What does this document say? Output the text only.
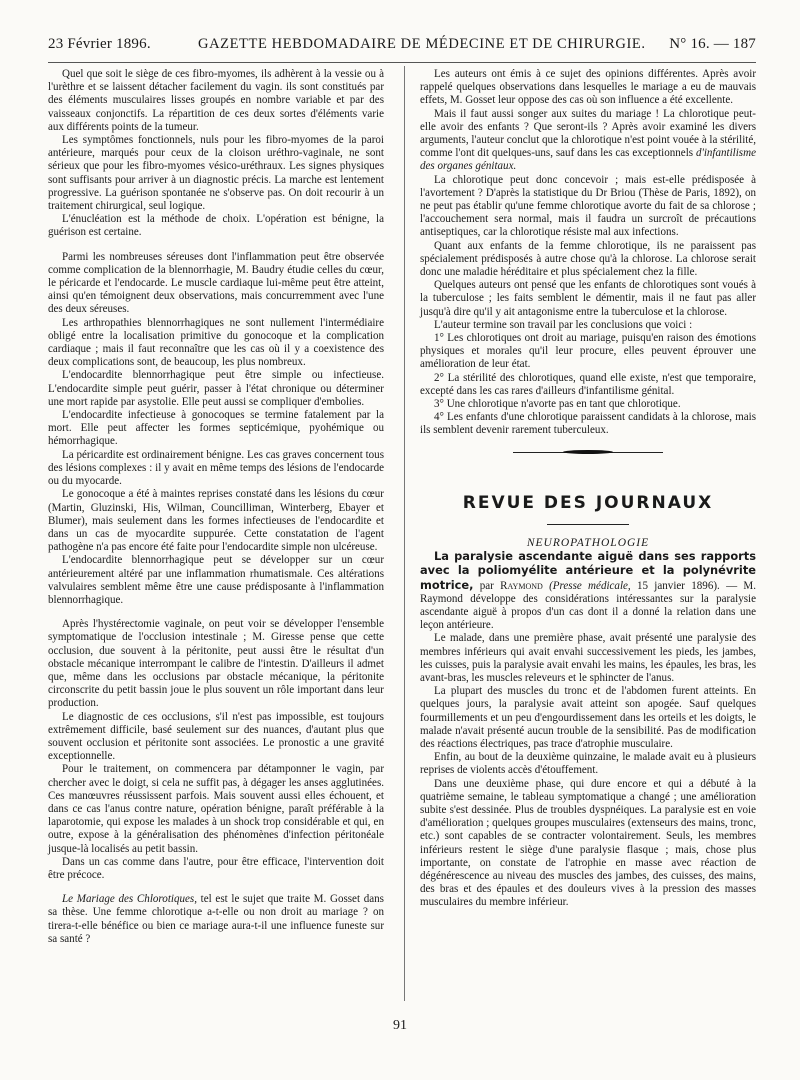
23 Février 1896.	GAZETTE HEBDOMADAIRE DE MÉDECINE ET DE CHIRURGIE. N° 16. — 187

Quel que soit le siège de ces fibro-myomes, ils adhèrent à la vessie ou à l'urèthre et se laissent détacher facilement du vagin. ils sont constitués par des éléments musculaires lisses groupés en nombre variable et par des vaisseaux conjonctifs. La répartition de ces deux sortes d'éléments varie aux différents points de la tumeur.

Les symptômes fonctionnels, nuls pour les fibro-myomes de la paroi antérieure, marqués pour ceux de la cloison uréthro-vaginale, ne sont sérieux que pour les fibro-myomes vésico-uréthraux. Les signes physiques sont suffisants pour arriver à un diagnostic précis. La marche est lentement progressive. La guérison spontanée ne s'observe pas. On doit recourir à un traitement chirurgical, seul logique.

L'énucléation est la méthode de choix. L'opération est bénigne, la guérison est certaine.

Parmi les nombreuses séreuses dont l'inflammation peut être observée comme complication de la blennorrhagie, M. Baudry étudie celles du cœur, le péricarde et l'endocarde. Le muscle cardiaque lui-même peut être atteint, ainsi qu'en témoignent deux observations, mais concurremment avec l'une des deux séreuses.

Les arthropathies blennorrhagiques ne sont nullement l'intermédiaire obligé entre la localisation primitive du gonocoque et la complication cardiaque ; mais il faut reconnaître que les cas où il y a coexistence des deux complications sont, de beaucoup, les plus nombreux.

L'endocardite blennorrhagique peut être simple ou infectieuse. L'endocardite simple peut guérir, passer à l'état chronique ou déterminer une mort rapide par asystolie. Elle peut aussi se compliquer d'embolies.

L'endocardite infectieuse à gonocoques se termine fatalement par la mort. Elle peut affecter les formes septicémique, pyohémique ou hémorrhagique.

La péricardite est ordinairement bénigne. Les cas graves concernent tous des lésions complexes : il y avait en même temps des lésions de l'endocarde ou du myocarde.

Le gonocoque a été à maintes reprises constaté dans les lésions du cœur (Martin, Gluzinski, His, Wilman, Councilliman, Winterberg, Ebayer et Blumer), mais seulement dans les formes infectieuses de l'endocardite et dans un cas de myocardite suppurée. Cette constatation de l'agent pathogène n'a pas encore été faite pour l'endocardite simple non ulcéreuse.

L'endocardite blennorrhagique peut se développer sur un cœur antérieurement altéré par une inflammation rhumatismale. Ces altérations valvulaires semblent même être une cause prédisposante à l'inflammation blennorrhagique.

Après l'hystérectomie vaginale, on peut voir se développer l'ensemble symptomatique de l'occlusion intestinale ; M. Giresse pense que cette occlusion, due souvent à la péritonite, peut aussi être le résultat d'un obstacle mécanique interrompant le calibre de l'intestin. D'ailleurs il admet que, même dans les occlusions par obstacle mécanique, la péritonite circonscrite du petit bassin joue le plus souvent un rôle important dans leur production.

Le diagnostic de ces occlusions, s'il n'est pas impossible, est toujours extrêmement difficile, basé seulement sur des nuances, d'autant plus que souvent occlusion et péritonite sont associées. Le pronostic a une gravité exceptionnelle.

Pour le traitement, on commencera par détamponner le vagin, par chercher avec le doigt, si cela ne suffit pas, à dégager les anses agglutinées. Ces manœuvres réussissent parfois. Mais souvent aussi elles échouent, et dans ce cas l'anus contre nature, opération bénigne, paraît préférable à la laparotomie, qui expose les malades à un shock trop considérable et qui, en outre, expose à la généralisation des phénomènes d'infection péritonéale jusque-là localisés au petit bassin.

Dans un cas comme dans l'autre, pour être efficace, l'intervention doit être précoce.

Le Mariage des Chlorotiques, tel est le sujet que traite M. Gosset dans sa thèse. Une femme chlorotique a-t-elle ou non droit au mariage ? on tirera-t-elle bénéfice ou bien ce mariage aura-t-il une influence funeste sur sa santé ?

Les auteurs ont émis à ce sujet des opinions différentes. Après avoir rappelé quelques observations dans lesquelles le mariage a eu de mauvais effets, M. Gosset leur oppose des cas où son influence a été excellente.

Mais il faut aussi songer aux suites du mariage ! La chlorotique peut-elle avoir des enfants ? Que seront-ils ? Après avoir examiné les divers arguments, l'auteur conclut que la chlorotique n'est point vouée à la stérilité, comme l'ont dit quelques-uns, sauf dans les cas exceptionnels d'infantilisme des organes génitaux.

La chlorotique peut donc concevoir ; mais est-elle prédisposée à l'avortement ? D'après la statistique du Dr Briou (Thèse de Paris, 1892), on ne peut pas établir qu'une femme chlorotique avorte du fait de sa chlorose ; l'accouchement sera normal, mais il faudra un surcroît de précautions antiseptiques, car la chlorotique résiste mal aux infections.

Quant aux enfants de la femme chlorotique, ils ne paraissent pas spécialement prédisposés à autre chose qu'à la chlorose. La chlorose serait donc une maladie héréditaire et plus spécialement chez la fille.

Quelques auteurs ont pensé que les enfants de chlorotiques sont voués à la tuberculose ; les faits semblent le démentir, mais il ne faut pas aller jusqu'à dire qu'il y ait antagonisme entre la tuberculose et la chlorose.

L'auteur termine son travail par les conclusions que voici :

1° Les chlorotiques ont droit au mariage, puisqu'en raison des émotions physiques et morales qu'il leur procure, elles peuvent éprouver une amélioration de leur état.

2° La stérilité des chlorotiques, quand elle existe, n'est que temporaire, excepté dans les cas rares d'ailleurs d'infantilisme génital.

3° Une chlorotique n'avorte pas en tant que chlorotique.

4° Les enfants d'une chlorotique paraissent candidats à la chlorose, mais ils semblent devenir rarement tuberculeux.

REVUE DES JOURNAUX
NEUROPATHOLOGIE

La paralysie ascendante aiguë dans ses rapports avec la poliomyélite antérieure et la polynévrite motrice, par Raymond (Presse médicale, 15 janvier 1896). — M. Raymond développe des considérations intéressantes sur la paralysie ascendante aiguë à propos d'un cas dont il a donné la relation dans une leçon antérieure.

Le malade, dans une première phase, avait présenté une paralysie des membres inférieurs qui avait envahi successivement les pieds, les jambes, les cuisses, puis la paralysie avait envahi les mains, les épaules, les bras, les avant-bras, les muscles releveurs et le sphincter de l'anus.

La plupart des muscles du tronc et de l'abdomen furent atteints. En quelques jours, la paralysie avait atteint son apogée. Sauf quelques fourmillements et un peu d'engourdissement dans les orteils et les doigts, le malade n'avait présenté aucun trouble de la sensibilité. Pas de modification des réactions électriques, pas trace d'atrophie musculaire.

Enfin, au bout de la deuxième quinzaine, le malade avait eu à plusieurs reprises de violents accès d'étouffement.

Dans une deuxième phase, qui dure encore et qui a débuté à la quatrième semaine, le tableau symptomatique a changé ; une amélioration subite s'est dessinée. Plus de troubles dyspnéiques. La paralysie est en voie d'amélioration ; quelques groupes musculaires (extenseurs des mains, tronc, etc.) sont capables de se contracter volontairement. Seuls, les membres inférieurs restent le siège d'une paralysie flasque ; mais, chose plus importante, on constate de l'atrophie en masse avec réaction de dégénérescence au niveau des muscles des jambes, des cuisses, des mains, des bras et des épaules et des douleurs vives à la pression des masses musculaires du membre inférieur.

91
